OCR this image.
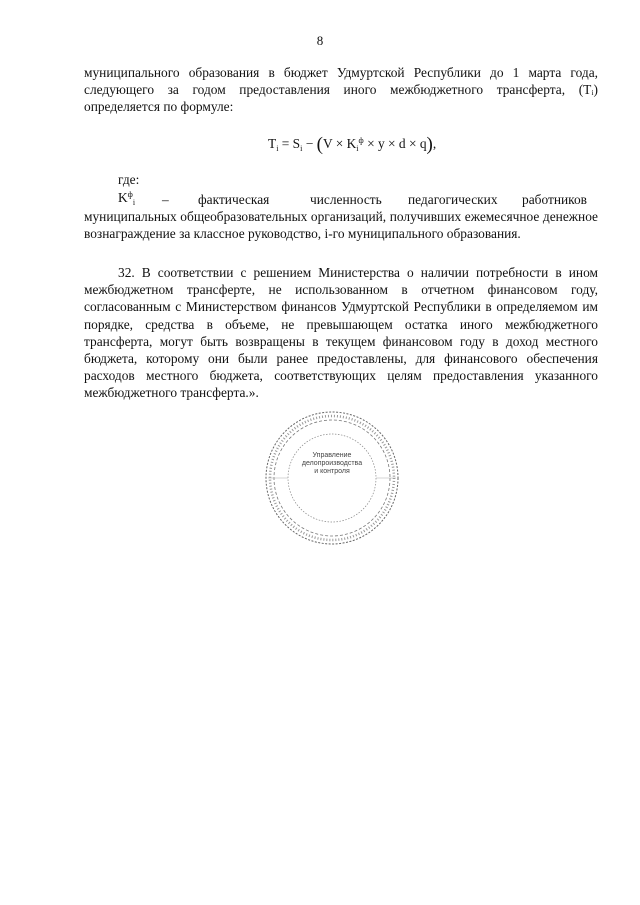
8

муниципального образования в бюджет Удмуртской Республики до 1 марта года, следующего за годом предоставления иного межбюджетного трансферта, (Tᵢ) определяется по формуле:

$T_i = S_i - (V \times K_i^ф \times y \times d \times q)$,
где:
$K^ф_i$ – фактическая	численность педагогических работников

муниципальных общеобразовательных организаций, получивших ежемесячное денежное вознаграждение за классное руководство, i-го муниципального образования.

32. В соответствии с решением Министерства о наличии потребности в ином межбюджетном трансферте, не использованном в отчетном финансовом году, согласованным с Министерством финансов Удмуртской Республики в определяемом им порядке, средства в объеме, не превышающем остатка иного межбюджетного трансферта, могут быть возвращены в текущем финансовом году в доход местного бюджета, которому они были ранее предоставлены, для финансового обеспечения расходов местного бюджета, соответствующих целям предоставления указанного межбюджетного трансферта.».

Управление
делопроизводства
и контроля
